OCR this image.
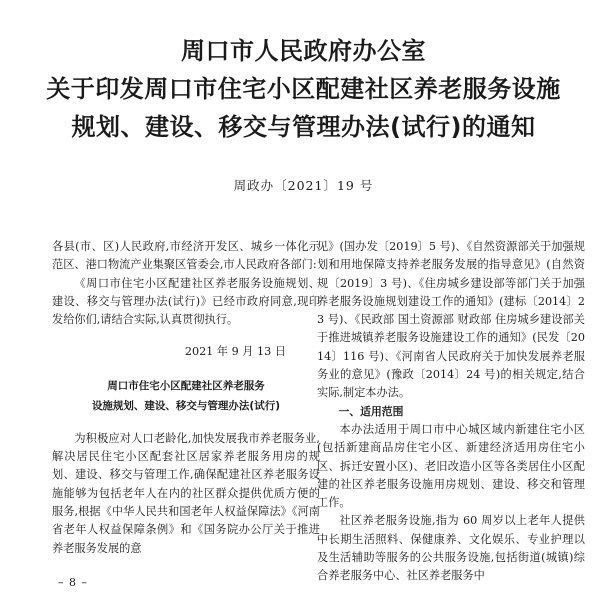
周口市人民政府办公室
关于印发周口市住宅小区配建社区养老服务设施
规划、建设、移交与管理办法(试行)的通知
周政办〔2021〕19 号

各县(市、区)人民政府,市经济开发区、城乡一体化示范区、港口物流产业集聚区管委会,市人民政府各部门:

《周口市住宅小区配建社区养老服务设施规划、建设、移交与管理办法(试行)》已经市政府同意,现印发给你们,请结合实际,认真贯彻执行。

2021 年 9 月 13 日

周口市住宅小区配建社区养老服务
设施规划、建设、移交与管理办法(试行)

为积极应对人口老龄化,加快发展我市养老服务业,解决居民住宅小区配套社区居家养老服务用房的规划、建设、移交与管理工作,确保配建社区养老服务设施能够为包括老年人在内的社区群众提供优质方便的服务,根据《中华人民共和国老年人权益保障法》《河南省老年人权益保障条例》和《国务院办公厅关于推进养老服务发展的意

见》(国办发〔2019〕5 号)、《自然资源部关于加强规划和用地保障支持养老服务发展的指导意见》(自然资规〔2019〕3 号)、《住房城乡建设部等部门关于加强养老服务设施规划建设工作的通知》(建标〔2014〕23 号)、《民政部 国土资源部 财政部 住房城乡建设部关于推进城镇养老服务设施建设工作的通知》(民发〔2014〕116 号)、《河南省人民政府关于加快发展养老服务业的意见》(豫政〔2014〕24 号)的相关规定,结合实际,制定本办法。

一、适用范围

本办法适用于周口市中心城区域内新建住宅小区(包括新建商品房住宅小区、新建经济适用房住宅小区、拆迁安置小区)、老旧改造小区等各类居住小区配建的社区养老服务设施用房规划、建设、移交和管理工作。

社区养老服务设施,指为 60 周岁以上老年人提供中长期生活照料、保健康养、文化娱乐、专业护理以及生活辅助等服务的公共服务设施,包括街道(城镇)综合养老服务中心、社区养老服务中

– 8 –
